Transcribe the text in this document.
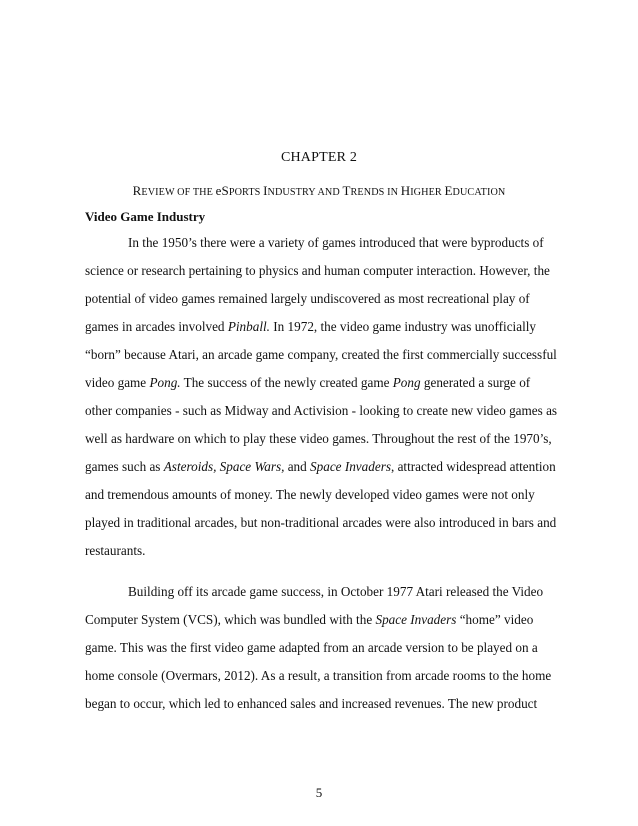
CHAPTER 2
REVIEW OF THE eSPORTS INDUSTRY AND TRENDS IN HIGHER EDUCATION
Video Game Industry
In the 1950’s there were a variety of games introduced that were byproducts of
science or research pertaining to physics and human computer interaction. However, the
potential of video games remained largely undiscovered as most recreational play of
games in arcades involved Pinball. In 1972, the video game industry was unofficially
“born” because Atari, an arcade game company, created the first commercially successful
video game Pong. The success of the newly created game Pong generated a surge of
other companies - such as Midway and Activision - looking to create new video games as
well as hardware on which to play these video games. Throughout the rest of the 1970’s,
games such as Asteroids, Space Wars, and Space Invaders, attracted widespread attention
and tremendous amounts of money. The newly developed video games were not only
played in traditional arcades, but non-traditional arcades were also introduced in bars and
restaurants.
Building off its arcade game success, in October 1977 Atari released the Video
Computer System (VCS), which was bundled with the Space Invaders “home” video
game. This was the first video game adapted from an arcade version to be played on a
home console (Overmars, 2012). As a result, a transition from arcade rooms to the home
began to occur, which led to enhanced sales and increased revenues. The new product
5
